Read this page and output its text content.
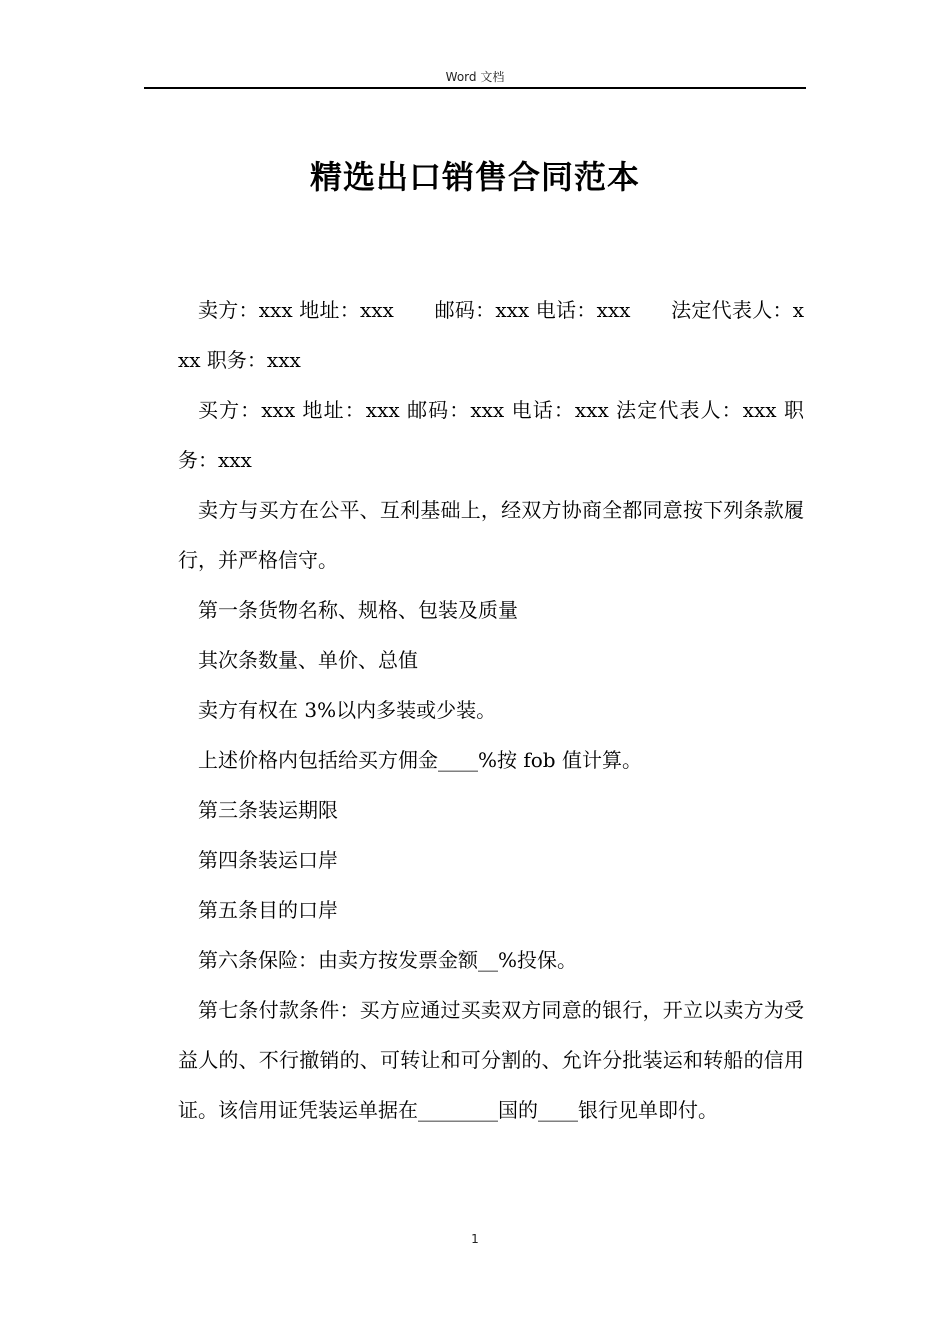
Word 文档
精选出口销售合同范本

卖方：xxx 地址：xxx　　邮码：xxx 电话：xxx　　法定代表人：xxx 职务：xxx

买方：xxx 地址：xxx 邮码：xxx 电话：xxx 法定代表人：xxx 职务：xxx

卖方与买方在公平、互利基础上，经双方协商全都同意按下列条款履行，并严格信守。

第一条货物名称、规格、包装及质量

其次条数量、单价、总值

卖方有权在 3%以内多装或少装。

上述价格内包括给买方佣金____%按 fob 值计算。

第三条装运期限

第四条装运口岸

第五条目的口岸

第六条保险：由卖方按发票金额__%投保。

第七条付款条件：买方应通过买卖双方同意的银行，开立以卖方为受益人的、不行撤销的、可转让和可分割的、允许分批装运和转船的信用证。该信用证凭装运单据在________国的____银行见单即付。

1
